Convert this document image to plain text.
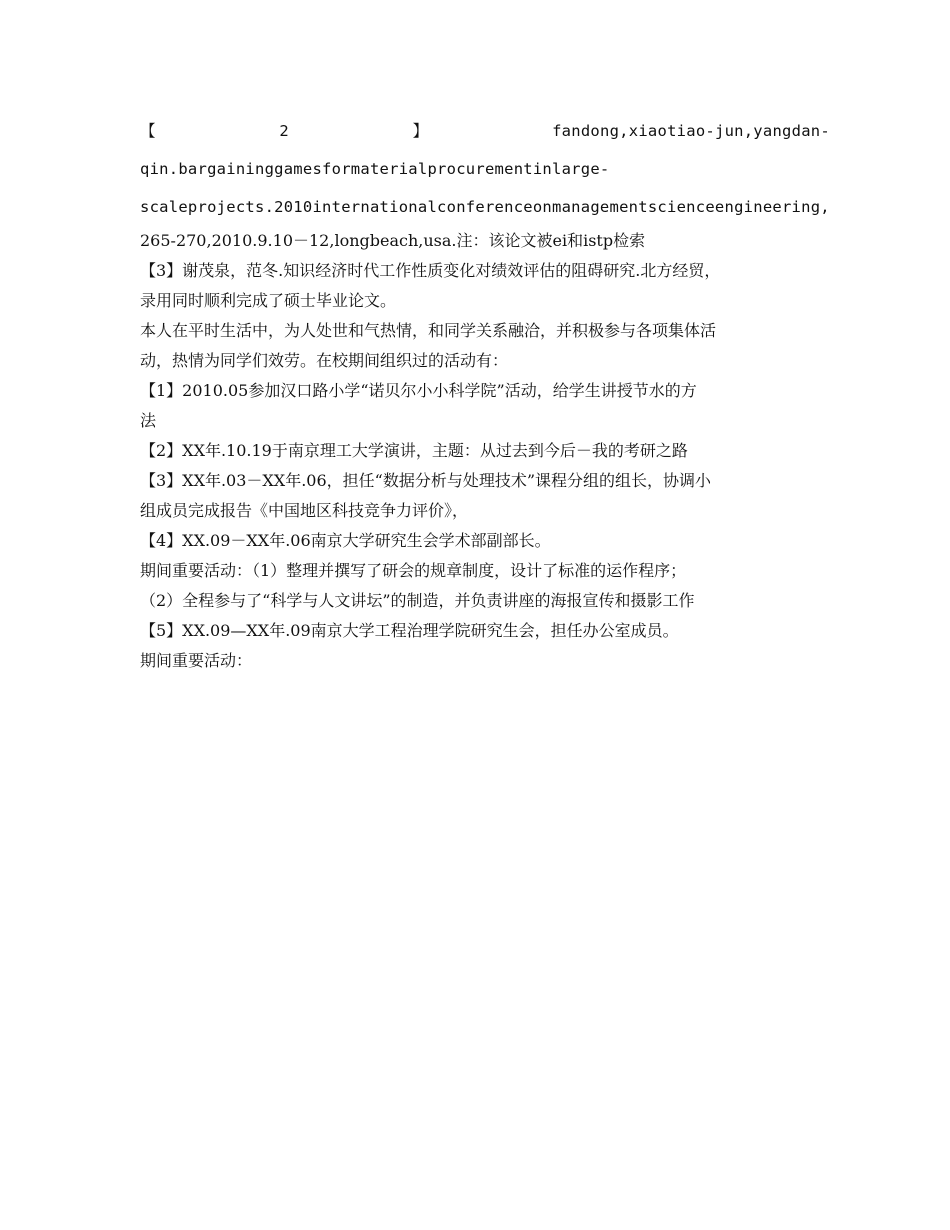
【	2	】	fandong,xiaotiao-jun,yangdan-
qin.bargaininggamesformaterialprocurementinlarge-
scaleprojects.2010internationalconferenceonmanagementscienceengineering,
265-270,2010.9.10－12,longbeach,usa.注：该论文被ei和istp检索
【3】谢茂泉，范冬.知识经济时代工作性质变化对绩效评估的阻碍研究.北方经贸，
录用同时顺利完成了硕士毕业论文。
本人在平时生活中，为人处世和气热情，和同学关系融洽，并积极参与各项集体活
动，热情为同学们效劳。在校期间组织过的活动有：
【1】2010.05参加汉口路小学“诺贝尔小小科学院”活动，给学生讲授节水的方
法
【2】XX年.10.19于南京理工大学演讲，主题：从过去到今后－我的考研之路
【3】XX年.03－XX年.06，担任“数据分析与处理技术”课程分组的组长，协调小
组成员完成报告《中国地区科技竞争力评价》，
【4】XX.09－XX年.06南京大学研究生会学术部副部长。
期间重要活动：（1）整理并撰写了研会的规章制度，设计了标准的运作程序；
（2）全程参与了“科学与人文讲坛”的制造，并负责讲座的海报宣传和摄影工作
【5】XX.09—XX年.09南京大学工程治理学院研究生会，担任办公室成员。
期间重要活动：
